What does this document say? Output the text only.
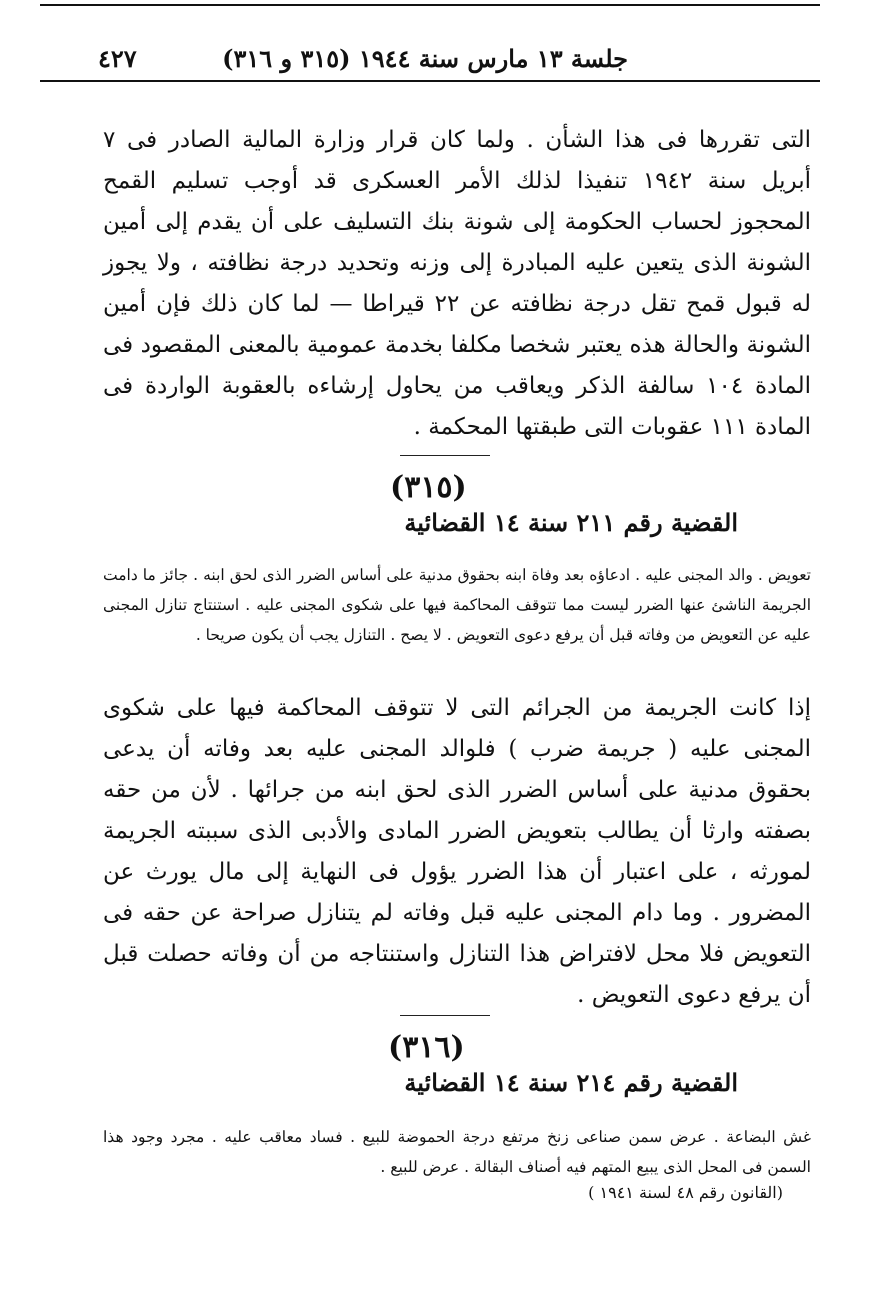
٤٢٧	جلسة ١٣ مارس سنة ١٩٤٤ (٣١٥ و ٣١٦)

التى تقررها فى هذا الشأن . ولما كان قرار وزارة المالية الصادر فى ٧ أبريل سنة ١٩٤٢ تنفيذا لذلك الأمر العسكرى قد أوجب تسليم القمح المحجوز لحساب الحكومة إلى شونة بنك التسليف على أن يقدم إلى أمين الشونة الذى يتعين عليه المبادرة إلى وزنه وتحديد درجة نظافته ، ولا يجوز له قبول قمح تقل درجة نظافته عن ٢٢ قيراطا — لما كان ذلك فإن أمين الشونة والحالة هذه يعتبر شخصا مكلفا بخدمة عمومية بالمعنى المقصود فى المادة ١٠٤ سالفة الذكر ويعاقب من يحاول إرشاءه بالعقوبة الواردة فى المادة ١١١ عقوبات التى طبقتها المحكمة .

(٣١٥)
القضية رقم ٢١١ سنة ١٤ القضائية

تعويض . والد المجنى عليه . ادعاؤه بعد وفاة ابنه بحقوق مدنية على أساس الضرر الذى لحق ابنه . جائز ما دامت الجريمة الناشئ عنها الضرر ليست مما تتوقف المحاكمة فيها على شكوى المجنى عليه . استنتاج تنازل المجنى عليه عن التعويض من وفاته قبل أن يرفع دعوى التعويض . لا يصح . التنازل يجب أن يكون صريحا .

إذا كانت الجريمة من الجرائم التى لا تتوقف المحاكمة فيها على شكوى المجنى عليه ( جريمة ضرب ) فلوالد المجنى عليه بعد وفاته أن يدعى بحقوق مدنية على أساس الضرر الذى لحق ابنه من جرائها . لأن من حقه بصفته وارثا أن يطالب بتعويض الضرر المادى والأدبى الذى سببته الجريمة لمورثه ، على اعتبار أن هذا الضرر يؤول فى النهاية إلى مال يورث عن المضرور . وما دام المجنى عليه قبل وفاته لم يتنازل صراحة عن حقه فى التعويض فلا محل لافتراض هذا التنازل واستنتاجه من أن وفاته حصلت قبل أن يرفع دعوى التعويض .

(٣١٦)
القضية رقم ٢١٤ سنة ١٤ القضائية

غش البضاعة . عرض سمن صناعى زنخ مرتفع درجة الحموضة للبيع . فساد معاقب عليه . مجرد وجود هذا السمن فى المحل الذى يبيع المتهم فيه أصناف البقالة . عرض للبيع .

(القانون رقم ٤٨ لسنة ١٩٤١ )
